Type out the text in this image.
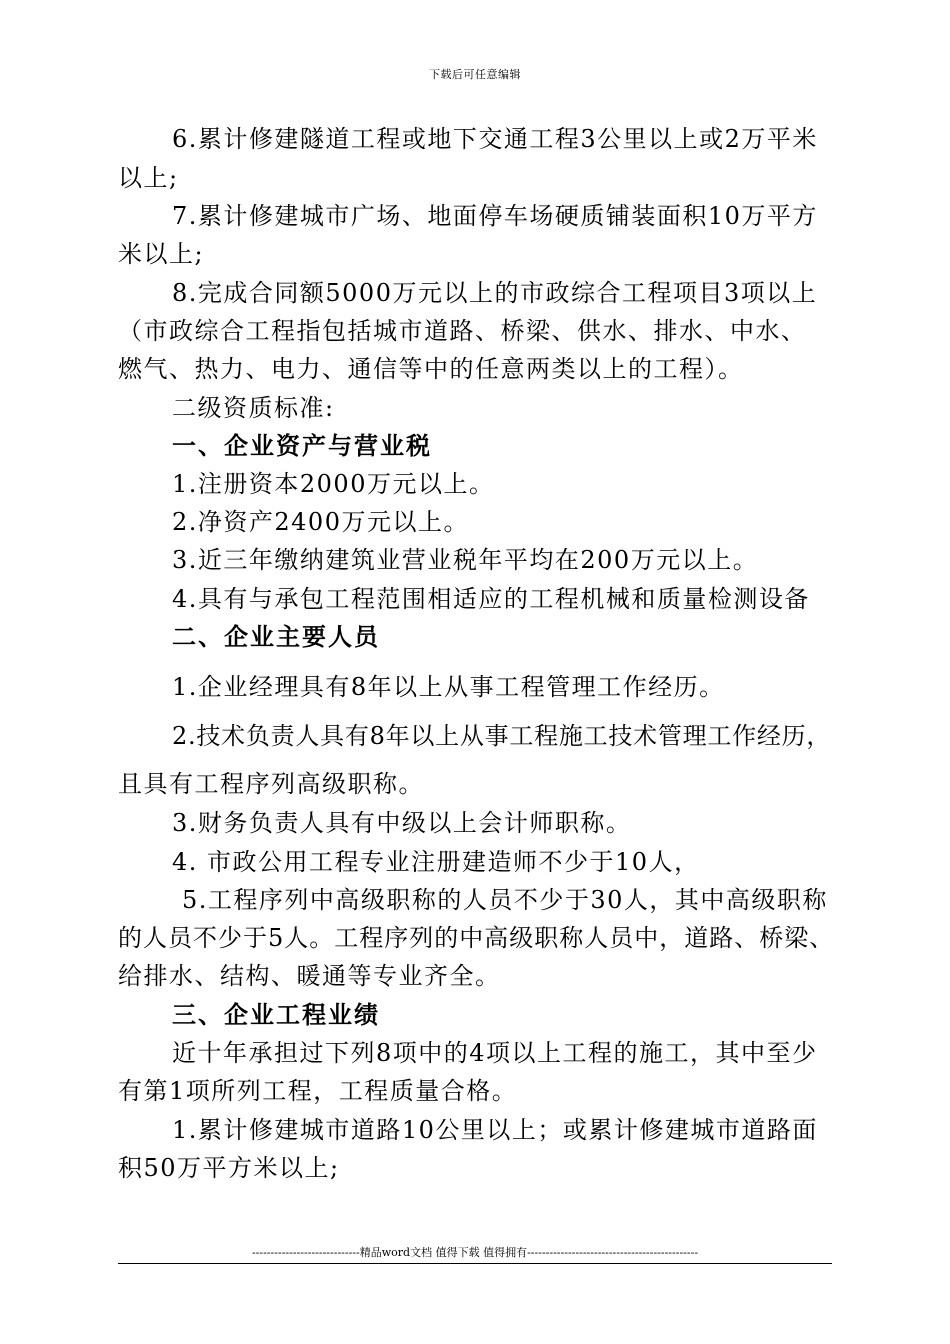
下载后可任意编辑
6.累计修建隧道工程或地下交通工程3公里以上或2万平米
以上;
7.累计修建城市广场、地面停车场硬质铺装面积10万平方
米以上;
8.完成合同额5000万元以上的市政综合工程项目3项以上
（市政综合工程指包括城市道路、桥梁、供水、排水、中水、
燃气、热力、电力、通信等中的任意两类以上的工程）。
二级资质标准:
一、企业资产与营业税
1.注册资本2000万元以上。
2.净资产2400万元以上。
3.近三年缴纳建筑业营业税年平均在200万元以上。
4.具有与承包工程范围相适应的工程机械和质量检测设备
二、企业主要人员
1.企业经理具有8年以上从事工程管理工作经历。
2.技术负责人具有8年以上从事工程施工技术管理工作经历，
且具有工程序列高级职称。
3.财务负责人具有中级以上会计师职称。
4. 市政公用工程专业注册建造师不少于10人，
5.工程序列中高级职称的人员不少于30人，其中高级职称
的人员不少于5人。工程序列的中高级职称人员中，道路、桥梁、
给排水、结构、暖通等专业齐全。
三、企业工程业绩
近十年承担过下列8项中的4项以上工程的施工，其中至少
有第1项所列工程，工程质量合格。
1.累计修建城市道路10公里以上；或累计修建城市道路面
积50万平方米以上;
-----------------------------精品word文档 值得下载 值得拥有----------------------------------------------
